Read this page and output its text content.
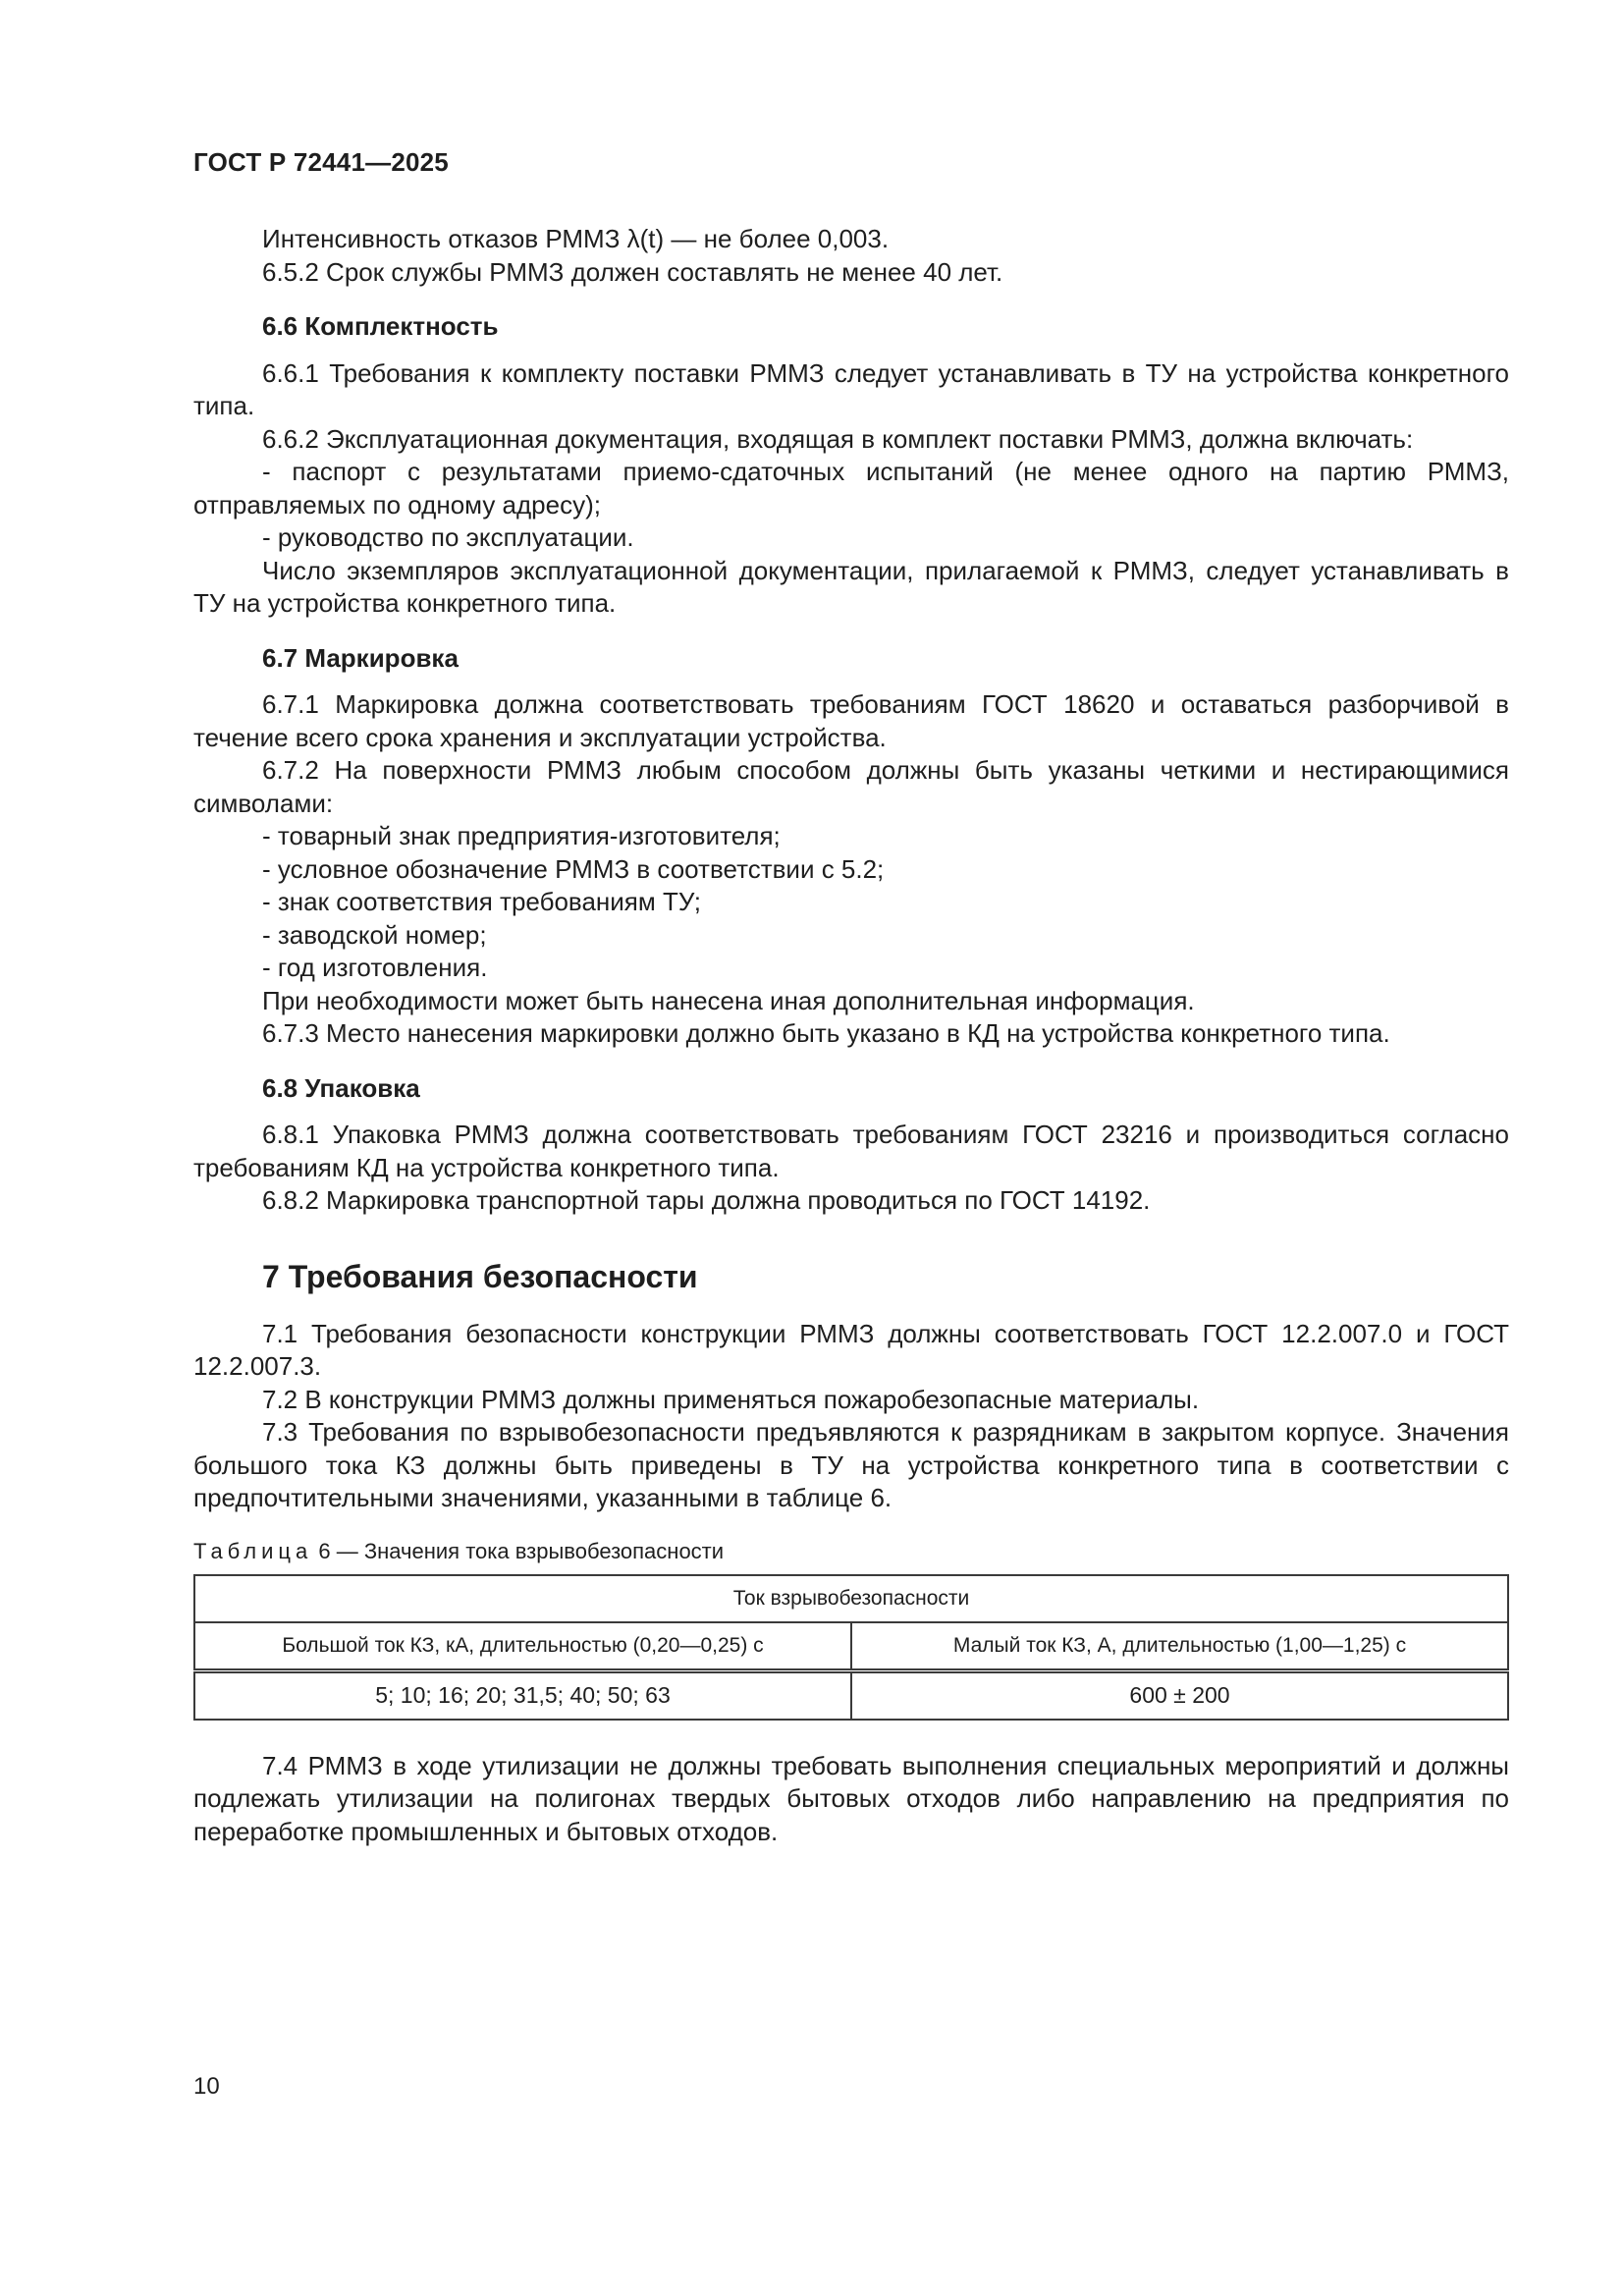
ГОСТ Р 72441—2025

Интенсивность отказов РММЗ λ(t) — не более 0,003.

6.5.2 Срок службы РММЗ должен составлять не менее 40 лет.

6.6 Комплектность

6.6.1 Требования к комплекту поставки РММЗ следует устанавливать в ТУ на устройства конкретного типа.

6.6.2 Эксплуатационная документация, входящая в комплект поставки РММЗ, должна включать:

- паспорт с результатами приемо-сдаточных испытаний (не менее одного на партию РММЗ, отправляемых по одному адресу);

- руководство по эксплуатации.

Число экземпляров эксплуатационной документации, прилагаемой к РММЗ, следует устанавливать в ТУ на устройства конкретного типа.

6.7 Маркировка

6.7.1 Маркировка должна соответствовать требованиям ГОСТ 18620 и оставаться разборчивой в течение всего срока хранения и эксплуатации устройства.

6.7.2 На поверхности РММЗ любым способом должны быть указаны четкими и нестирающимися символами:

- товарный знак предприятия-изготовителя;

- условное обозначение РММЗ в соответствии с 5.2;

- знак соответствия требованиям ТУ;

- заводской номер;

- год изготовления.

При необходимости может быть нанесена иная дополнительная информация.

6.7.3 Место нанесения маркировки должно быть указано в КД на устройства конкретного типа.

6.8 Упаковка

6.8.1 Упаковка РММЗ должна соответствовать требованиям ГОСТ 23216 и производиться согласно требованиям КД на устройства конкретного типа.

6.8.2 Маркировка транспортной тары должна проводиться по ГОСТ 14192.

7 Требования безопасности

7.1 Требования безопасности конструкции РММЗ должны соответствовать ГОСТ 12.2.007.0 и ГОСТ 12.2.007.3.

7.2 В конструкции РММЗ должны применяться пожаробезопасные материалы.

7.3 Требования по взрывобезопасности предъявляются к разрядникам в закрытом корпусе. Значения большого тока КЗ должны быть приведены в ТУ на устройства конкретного типа в соответствии с предпочтительными значениями, указанными в таблице 6.

Таблица 6 — Значения тока взрывобезопасности
Ток взрывобезопасности	
Большой ток КЗ, кА, длительностью (0,20—0,25) с	Малый ток КЗ, А, длительностью (1,00—1,25) с
5; 10; 16; 20; 31,5; 40; 50; 63	600 ± 200

7.4 РММЗ в ходе утилизации не должны требовать выполнения специальных мероприятий и должны подлежать утилизации на полигонах твердых бытовых отходов либо направлению на предприятия по переработке промышленных и бытовых отходов.

10
